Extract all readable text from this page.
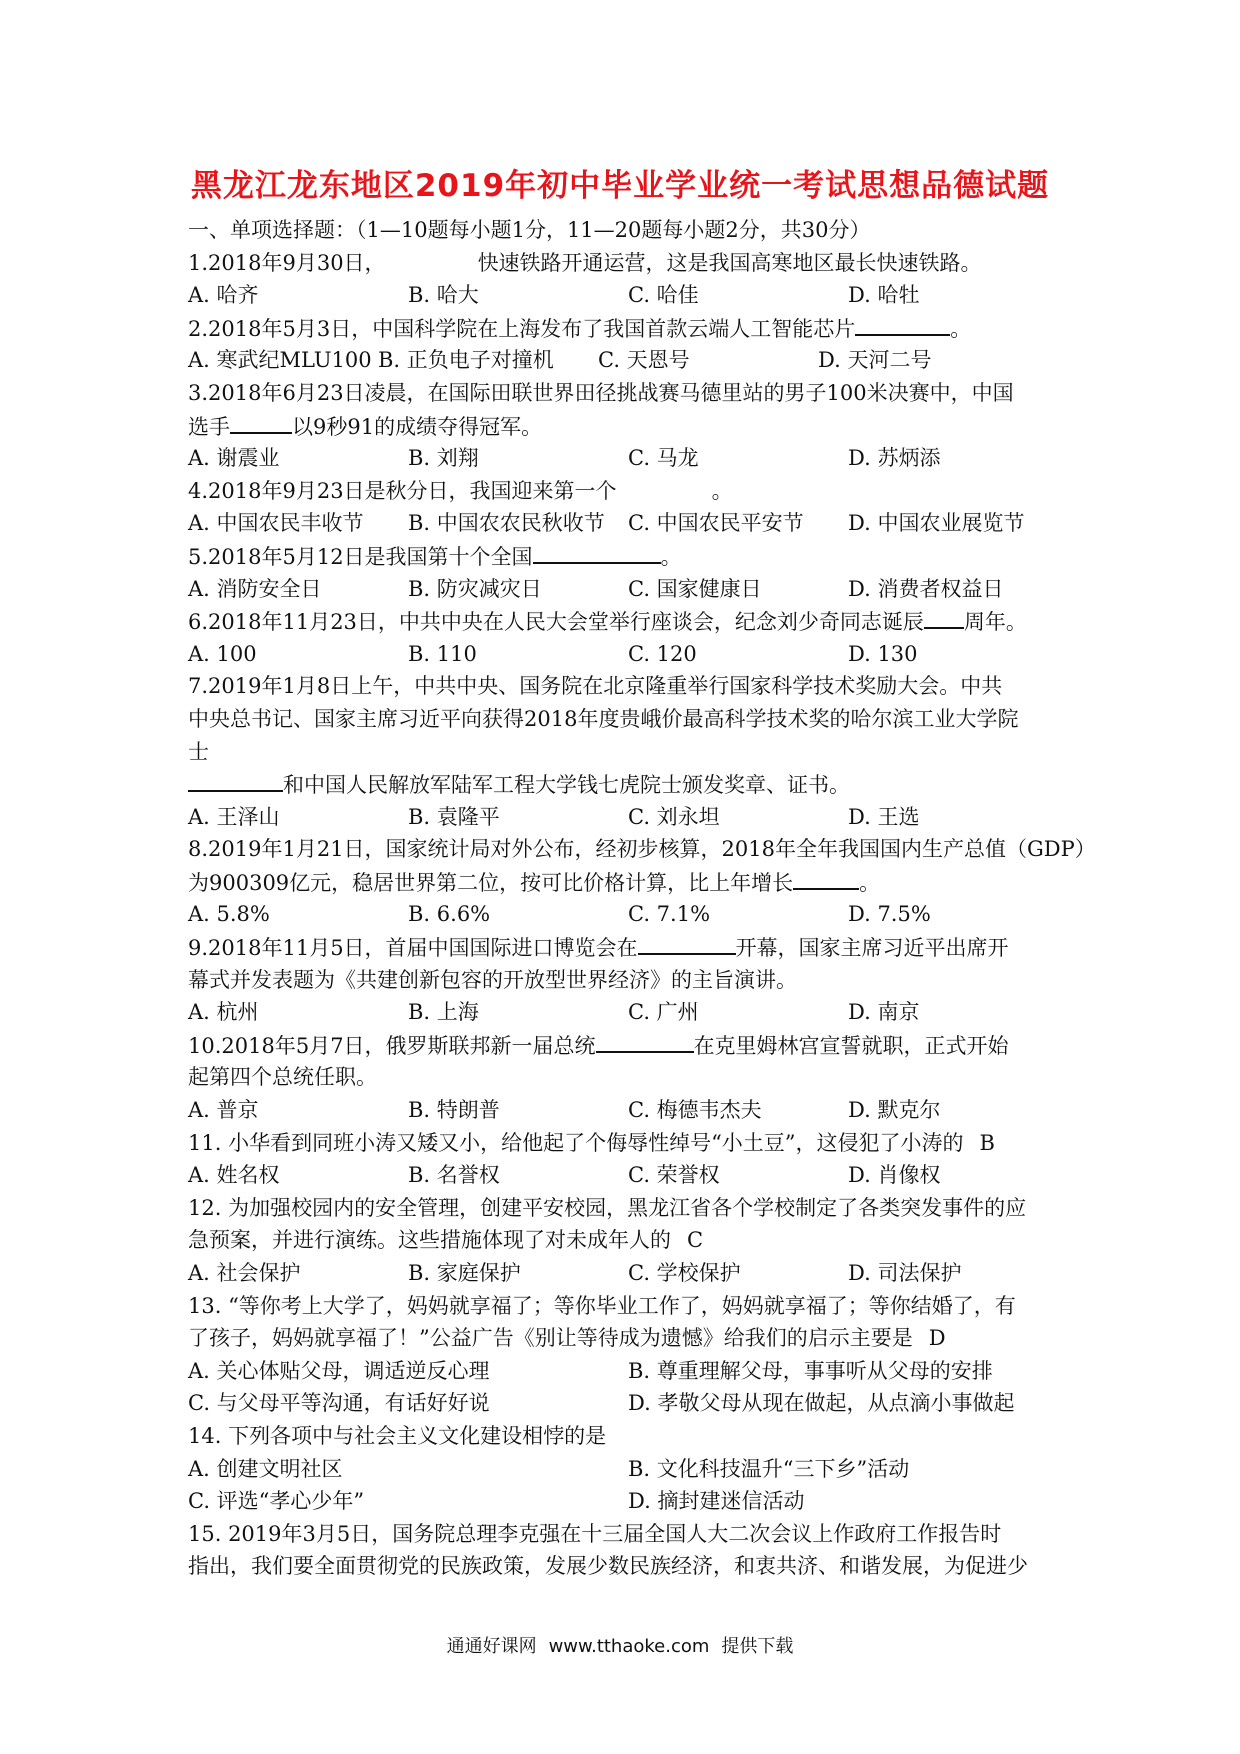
黑龙江龙东地区2019年初中毕业学业统一考试思想品德试题
一、单项选择题：（1—10题每小题1分，11—20题每小题2分，共30分）
1.2018年9月30日，	快速铁路开通运营，这是我国高寒地区最长快速铁路。
A. 哈齐	B. 哈大	C. 哈佳	D. 哈牡
2.2018年5月3日，中国科学院在上海发布了我国首款云端人工智能芯片	。
A. 寒武纪MLU100 B. 正负电子对撞机	C. 天恩号	D. 天河二号
3.2018年6月23日凌晨，在国际田联世界田径挑战赛马德里站的男子100米决赛中，中国
选手	以9秒91的成绩夺得冠军。
A. 谢震业	B. 刘翔	C. 马龙	D. 苏炳添
4.2018年9月23日是秋分日，我国迎来第一个	。
A. 中国农民丰收节	B. 中国农农民秋收节	C. 中国农民平安节	D. 中国农业展览节
5.2018年5月12日是我国第十个全国	。
A. 消防安全日	B. 防灾减灾日	C. 国家健康日	D. 消费者权益日
6.2018年11月23日，中共中央在人民大会堂举行座谈会，纪念刘少奇同志诞辰 周年。
A. 100	B. 110	C. 120	D. 130
7.2019年1月8日上午，中共中央、国务院在北京隆重举行国家科学技术奖励大会。中共
中央总书记、国家主席习近平向获得2018年度贵峨价最高科学技术奖的哈尔滨工业大学院
士
和中国人民解放军陆军工程大学钱七虎院士颁发奖章、证书。
A. 王泽山	B. 袁隆平	C. 刘永坦	D. 王选
8.2019年1月21日，国家统计局对外公布，经初步核算，2018年全年我国国内生产总值（GDP）
为900309亿元，稳居世界第二位，按可比价格计算，比上年增长	。
A. 5.8%	B. 6.6%	C. 7.1%	D. 7.5%
9.2018年11月5日，首届中国国际进口博览会在	开幕，国家主席习近平出席开
幕式并发表题为《共建创新包容的开放型世界经济》的主旨演讲。
A. 杭州	B. 上海	C. 广州	D. 南京
10.2018年5月7日，俄罗斯联邦新一届总统	在克里姆林宫宣誓就职，正式开始
起第四个总统任职。
A. 普京	B. 特朗普	C. 梅德韦杰夫	D. 默克尔
11. 小华看到同班小涛又矮又小，给他起了个侮辱性绰号“小土豆”，这侵犯了小涛的 B
A. 姓名权	B. 名誉权	C. 荣誉权	D. 肖像权
12. 为加强校园内的安全管理，创建平安校园，黑龙江省各个学校制定了各类突发事件的应
急预案，并进行演练。这些措施体现了对未成年人的 C
A. 社会保护	B. 家庭保护	C. 学校保护	D. 司法保护
13. “等你考上大学了，妈妈就享福了；等你毕业工作了，妈妈就享福了；等你结婚了，有
了孩子，妈妈就享福了！”公益广告《别让等待成为遗憾》给我们的启示主要是 D
A. 关心体贴父母，调适逆反心理	B. 尊重理解父母，事事听从父母的安排
C. 与父母平等沟通，有话好好说	D. 孝敬父母从现在做起，从点滴小事做起
14. 下列各项中与社会主义文化建设相悖的是
A. 创建文明社区	B. 文化科技温升“三下乡”活动
C. 评选“孝心少年”	D. 摘封建迷信活动
15. 2019年3月5日，国务院总理李克强在十三届全国人大二次会议上作政府工作报告时
指出，我们要全面贯彻党的民族政策，发展少数民族经济，和衷共济、和谐发展，为促进少
通通好课网 www.tthaoke.com 提供下载
